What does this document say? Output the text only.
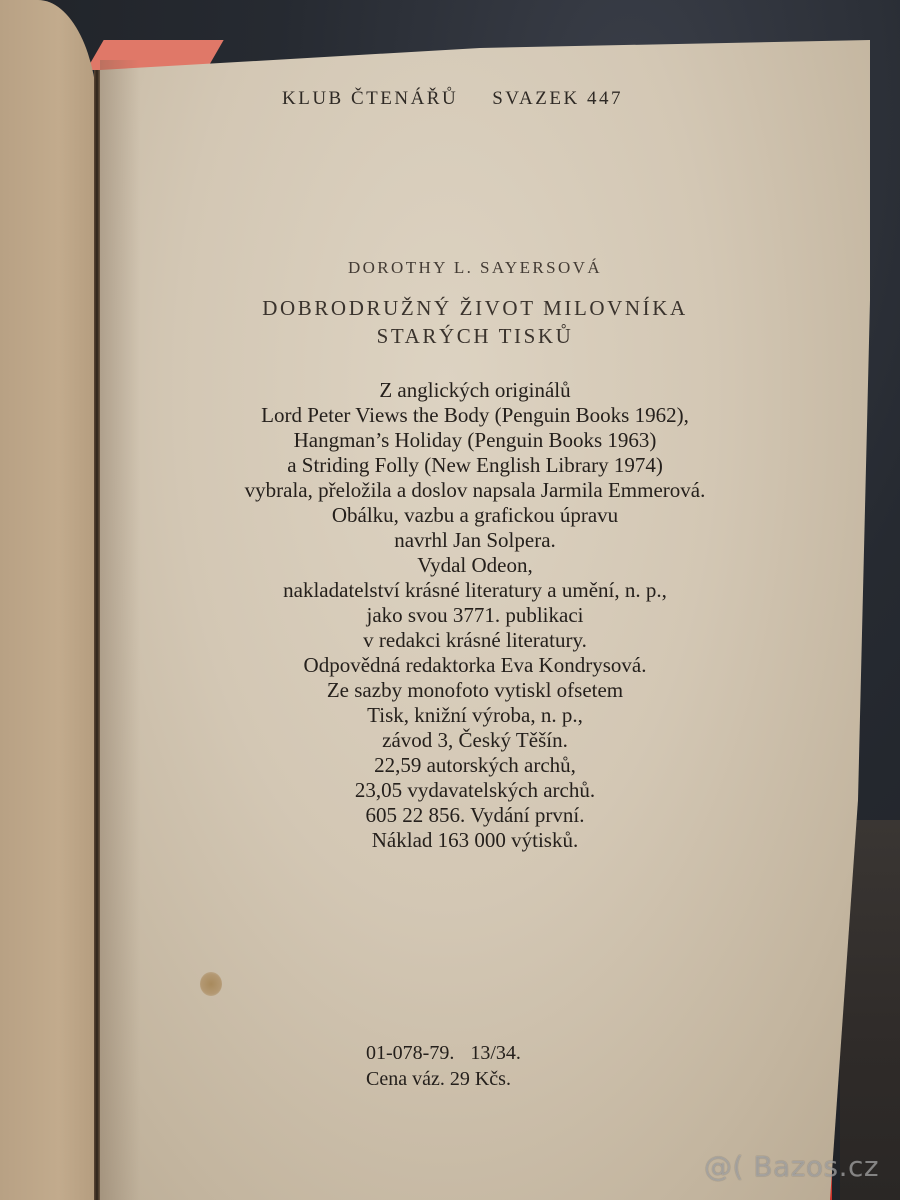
KLUB ČTENÁŘŮ SVAZEK 447
DOROTHY L. SAYERSOVÁ
DOBRODRUŽNÝ ŽIVOT MILOVNÍKA
STARÝCH TISKŮ
Z anglických originálů
Lord Peter Views the Body (Penguin Books 1962),
Hangman’s Holiday (Penguin Books 1963)
a Striding Folly (New English Library 1974)
vybrala, přeložila a doslov napsala Jarmila Emmerová.
Obálku, vazbu a grafickou úpravu
navrhl Jan Solpera.
Vydal Odeon,
nakladatelství krásné literatury a umění, n. p.,
jako svou 3771. publikaci
v redakci krásné literatury.
Odpovědná redaktorka Eva Kondrysová.
Ze sazby monofoto vytiskl ofsetem
Tisk, knižní výroba, n. p.,
závod 3, Český Těšín.
22,59 autorských archů,
23,05 vydavatelských archů.
605 22 856. Vydání první.
Náklad 163 000 výtisků.
01-078-79. 13/34.
Cena váz. 29 Kčs.
@( Bazos.cz
